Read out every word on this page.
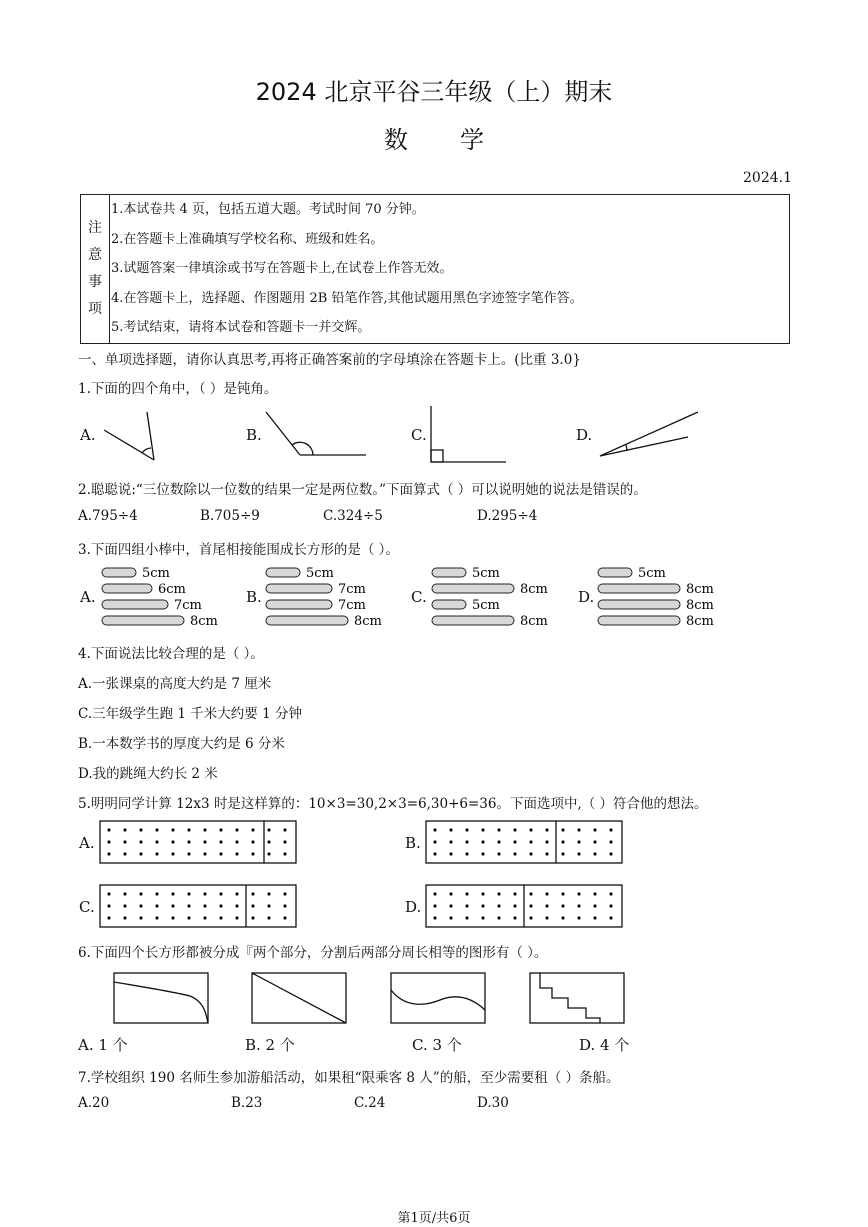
2024 北京平谷三年级（上）期末
数学
2024.1
注
意
事
项
1.本试卷共 4 页，包括五道大题。考试时间 70 分钟。
2.在答题卡上准确填写学校名称、班级和姓名。
3.试题答案一律填涂或书写在答题卡上,在试卷上作答无效。
4.在答题卡上，选择题、作图题用 2B 铅笔作答,其他试题用黑色字迹签字笔作答。
5.考试结束，请将本试卷和答题卡一并交辉。
一、单项选择题，请你认真思考,再将正确答案前的字母填涂在答题卡上。(比重 3.0}
1.下面的四个角中，（ ）是钝角。
A.	B.	C.	D.
2.聪聪说:“三位数除以一位数的结果一定是两位数。”下面算式（ ）可以说明她的说法是错误的。
A.795÷4	B.705÷9	C.324÷5	D.295÷4
3.下面四组小棒中，首尾相接能围成长方形的是（ ）。
A.	B.	C.	D.
5cm
6cm
7cm
8cm
5cm
7cm
7cm
8cm
5cm
8cm
5cm
8cm
5cm
8cm
8cm
8cm
4.下面说法比较合理的是（ ）。
A.一张课桌的高度大约是 7 厘米
C.三年级学生跑 1 千米大约要 1 分钟
B.一本数学书的厚度大约是 6 分米
D.我的跳绳大约长 2 米
5.明明同学计算 12x3 时是这样算的：10×3=30,2×3=6,30+6=36。下面选项中,（ ）符合他的想法。
A.	B.
C.	D.
6.下面四个长方形都被分成『两个部分，分割后两部分周长相等的图形有（ ）。
A. 1 个	B. 2 个	C. 3 个	D. 4 个
7.学校组织 190 名师生参加游船活动，如果租“限乘客 8 人”的船，至少需要租（ ）条船。
A.20	B.23	C.24	D.30
第1页/共6页
